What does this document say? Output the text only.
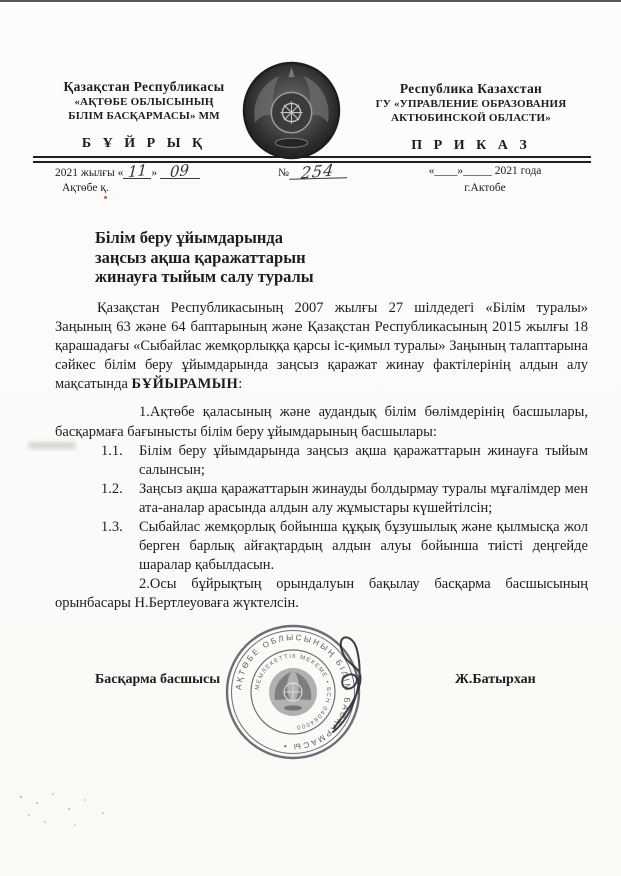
Қазақстан Республикасы
«АҚТӨБЕ ОБЛЫСЫНЫҢ
БІЛІМ БАСҚАРМАСЫ» ММ
Б Ұ Й Р Ы Қ
Республика Казахстан
ГУ «УПРАВЛЕНИЕ ОБРАЗОВАНИЯ
АКТЮБИНСКОЙ ОБЛАСТИ»
П Р И К А З
2021 жылғы « 11 » 09
Ақтөбе қ.
№ 254	«____»_____ 2021 года
г.Актобе
Білім беру ұйымдарында
заңсыз ақша қаражаттарын
жинауға тыйым салу туралы

Қазақстан Республикасының 2007 жылғы 27 шілдедегі «Білім туралы» Заңының 63 және 64 баптарының және Қазақстан Республикасының 2015 жылғы 18 қарашадағы «Сыбайлас жемқорлыққа қарсы іс-қимыл туралы» Заңының талаптарына сәйкес білім беру ұйымдарында заңсыз қаражат жинау фактілерінің алдын алу мақсатында БҰЙЫРАМЫН:

1.Ақтөбе қаласының және аудандық білім бөлімдерінің басшылары, басқармаға бағынысты білім беру ұйымдарының басшылары:

1.1.	Білім беру ұйымдарында заңсыз ақша қаражаттарын жинауға тыйым салынсын;
1.2.	Заңсыз ақша қаражаттарын жинауды болдырмау туралы мұғалімдер мен ата-аналар арасында алдын алу жұмыстары күшейтілсін;
1.3.	Сыбайлас жемқорлық бойынша құқық бұзушылық және қылмысқа жол берген барлық айғақтардың алдын алуы бойынша тиісті деңгейде шаралар қабылдасын.

2.Осы бұйрықтың орындалуын бақылау басқарма басшысының орынбасары Н.Бертлеуоваға жүктелсін.

Басқарма басшысы	Ж.Батырхан
АҚТӨБЕ ОБЛЫСЫНЫҢ БІЛІМ БАСҚАРМАСЫ •
МЕМЛЕКЕТТІК МЕКЕМЕ • БСН 04084000
